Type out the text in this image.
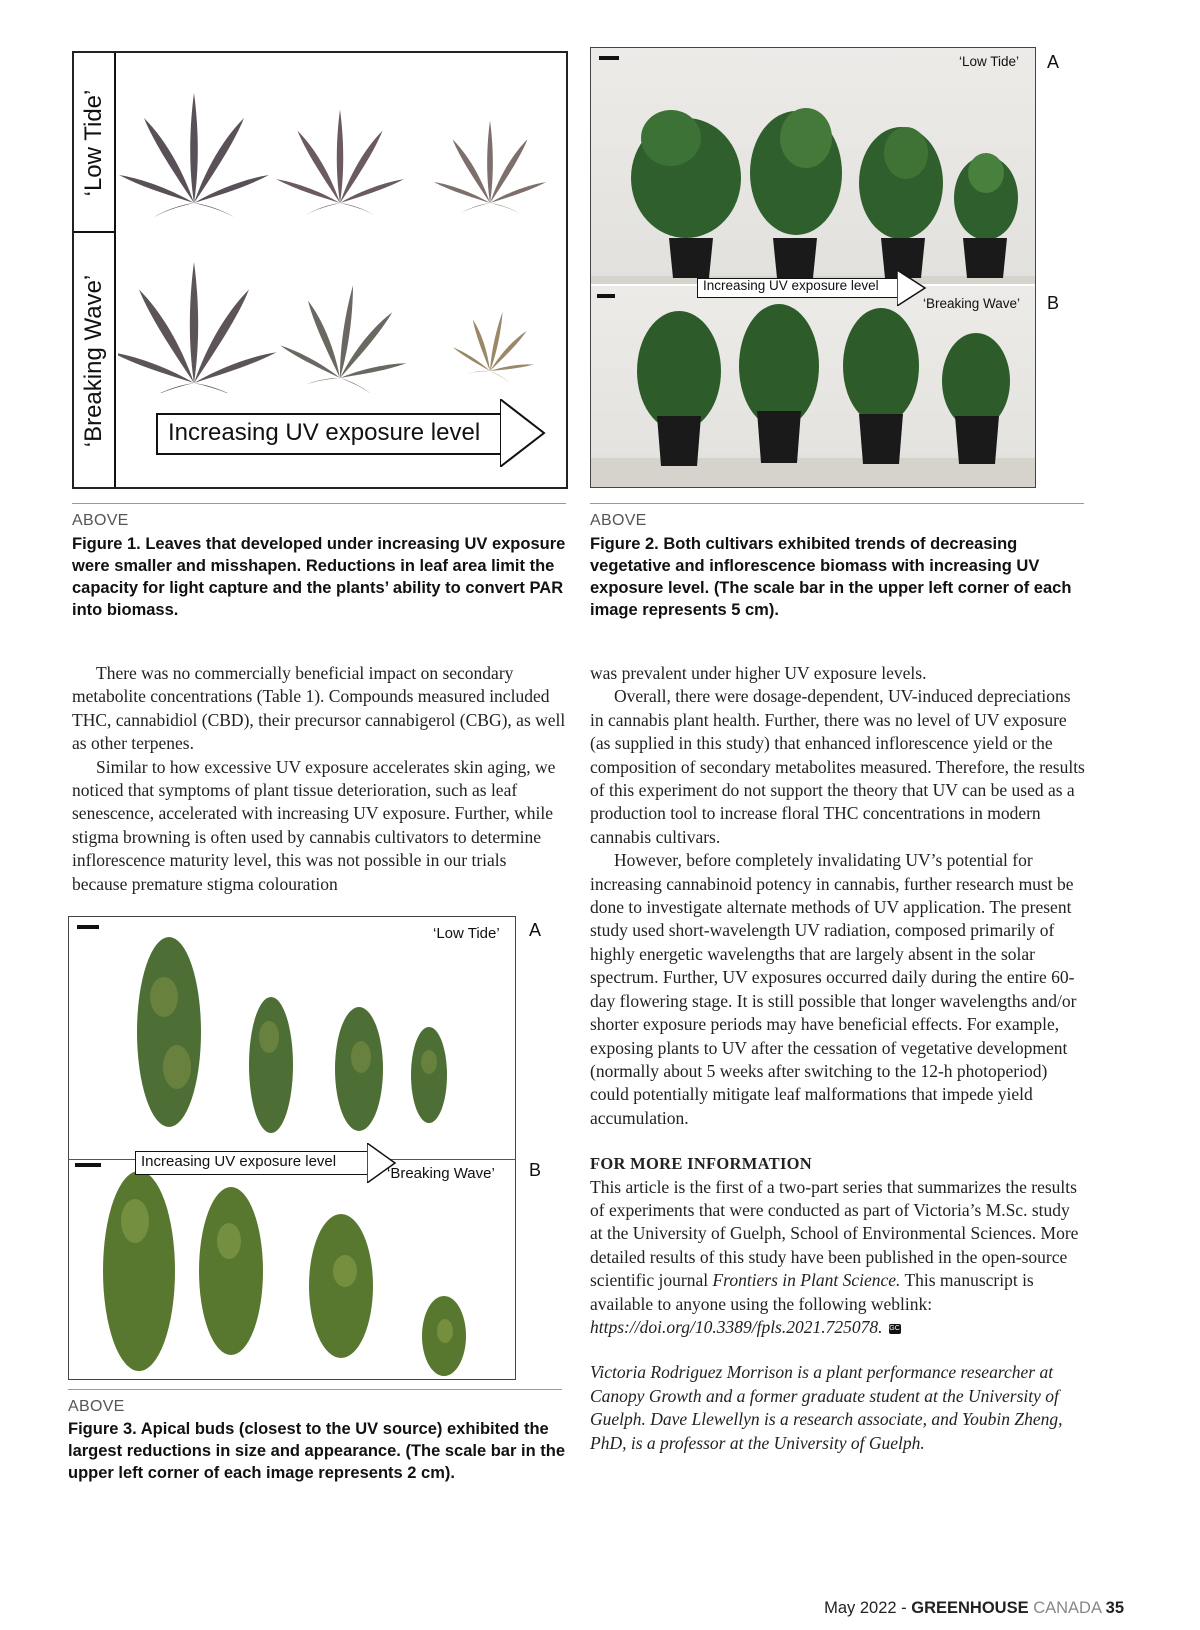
‘Low Tide’
‘Breaking Wave’	Increasing UV exposure level
ABOVE
Figure 1. Leaves that developed under increasing UV exposure were smaller and misshapen. Reductions in leaf area limit the capacity for light capture and the plants’ ability to convert PAR into biomass.
‘Low Tide’
‘Breaking Wave’
Increasing UV exposure level
A
B
ABOVE
Figure 2. Both cultivars exhibited trends of decreasing vegetative and inflorescence biomass with increasing UV exposure level. (The scale bar in the upper left corner of each image represents 5 cm).

There was no commercially beneficial impact on secondary metabolite concentrations (Table 1). Compounds measured included THC, cannabidiol (CBD), their precursor cannabigerol (CBG), as well as other terpenes.

Similar to how excessive UV exposure accelerates skin aging, we noticed that symptoms of plant tissue deterioration, such as leaf senescence, accelerated with increasing UV exposure. Further, while stigma browning is often used by cannabis cultivators to determine inflorescence maturity level, this was not possible in our trials because premature stigma colouration

‘Low Tide’
‘Breaking Wave’
Increasing UV exposure level
A
B
ABOVE
Figure 3. Apical buds (closest to the UV source) exhibited the largest reductions in size and appearance. (The scale bar in the upper left corner of each image represents 2 cm).

was prevalent under higher UV exposure levels.

Overall, there were dosage-dependent, UV-induced depreciations in cannabis plant health. Further, there was no level of UV exposure (as supplied in this study) that enhanced inflorescence yield or the composition of secondary metabolites measured. Therefore, the results of this experiment do not support the theory that UV can be used as a production tool to increase floral THC concentrations in modern cannabis cultivars.

However, before completely invalidating UV’s potential for increasing cannabinoid potency in cannabis, further research must be done to investigate alternate methods of UV application. The present study used short-wavelength UV radiation, composed primarily of highly energetic wavelengths that are largely absent in the solar spectrum. Further, UV exposures occurred daily during the entire 60-day flowering stage. It is still possible that longer wavelengths and/or shorter exposure periods may have beneficial effects. For example, exposing plants to UV after the cessation of vegetative development (normally about 5 weeks after switching to the 12-h photoperiod) could potentially mitigate leaf malformations that impede yield accumulation.

FOR MORE INFORMATION

This article is the first of a two-part series that summarizes the results of experiments that were conducted as part of Victoria’s M.Sc. study at the University of Guelph, School of Environmental Sciences. More detailed results of this study have been published in the open-source scientific journal Frontiers in Plant Science. This manuscript is available to anyone using the following weblink: https://doi.org/10.3389/fpls.2021.725078. GC

Victoria Rodriguez Morrison is a plant performance researcher at Canopy Growth and a former graduate student at the University of Guelph. Dave Llewellyn is a research associate, and Youbin Zheng, PhD, is a professor at the University of Guelph.

May 2022 - GREENHOUSE CANADA 35
